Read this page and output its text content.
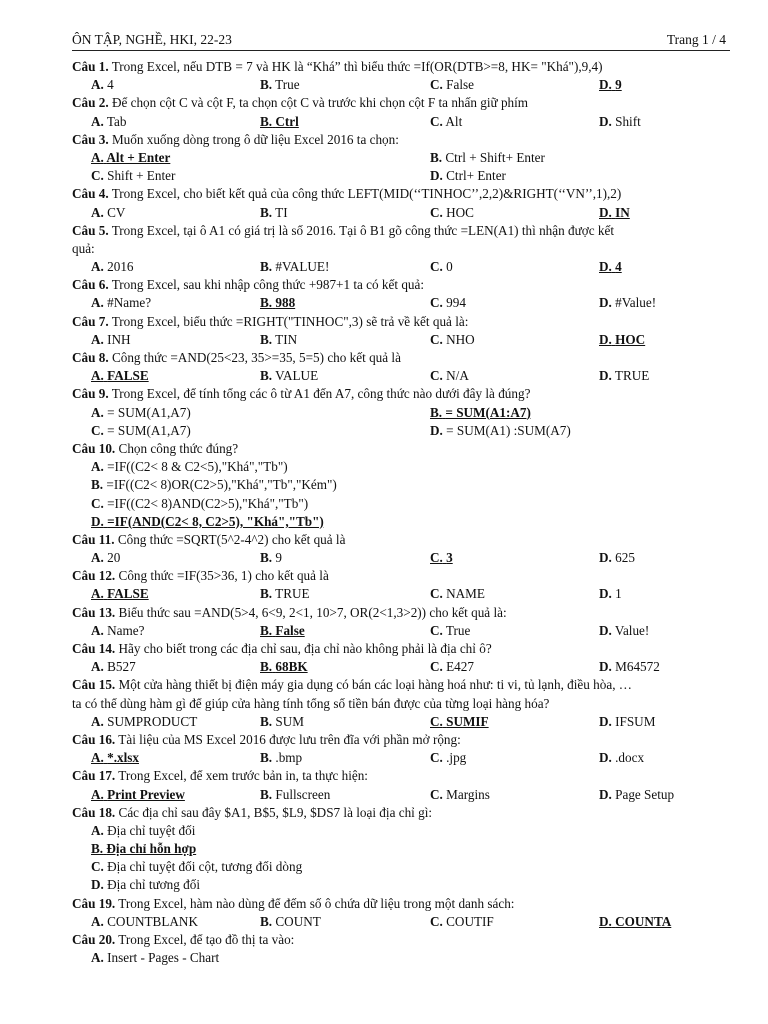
ÔN TẬP, NGHỀ, HKI, 22-23	Trang 1 / 4
Câu 1. Trong Excel, nếu DTB = 7 và HK là “Khá” thì biểu thức =If(OR(DTB>=8, HK= "Khá"),9,4)
A. 4	B. True	C. False	D. 9
Câu 2. Để chọn cột C và cột F, ta chọn cột C và trước khi chọn cột F ta nhấn giữ phím
A. Tab	B. Ctrl	C. Alt	D. Shift
Câu 3. Muốn xuống dòng trong ô dữ liệu Excel 2016 ta chọn:
A. Alt + Enter	B. Ctrl + Shift+ Enter
C. Shift + Enter	D. Ctrl+ Enter
Câu 4. Trong Excel, cho biết kết quả của công thức LEFT(MID(‘‘TINHOC’’,2,2)&RIGHT(‘‘VN’’,1),2)
A. CV	B. TI	C. HOC	D. IN
Câu 5. Trong Excel, tại ô A1 có giá trị là số 2016. Tại ô B1 gõ công thức =LEN(A1) thì nhận được kết
quả:
A. 2016	B. #VALUE!	C. 0	D. 4
Câu 6. Trong Excel, sau khi nhập công thức +987+1 ta có kết quả:
A. #Name?	B. 988	C. 994	D. #Value!
Câu 7. Trong Excel, biểu thức =RIGHT("TINHOC",3) sẽ trả về kết quả là:
A. INH	B. TIN	C. NHO	D. HOC
Câu 8. Công thức =AND(25<23, 35>=35, 5=5) cho kết quả là
A. FALSE	B. VALUE	C. N/A	D. TRUE
Câu 9. Trong Excel, để tính tổng các ô từ A1 đến A7, công thức nào dưới đây là đúng?
A. = SUM(A1,A7)	B. = SUM(A1:A7)
C. = SUM(A1,A7)	D. = SUM(A1) :SUM(A7)
Câu 10. Chọn công thức đúng?
A. =IF((C2< 8 & C2<5),"Khá","Tb")
B. =IF((C2< 8)OR(C2>5),"Khá","Tb","Kém")
C. =IF((C2< 8)AND(C2>5),"Khá","Tb")
D. =IF(AND(C2< 8, C2>5), "Khá","Tb")
Câu 11. Công thức =SQRT(5^2-4^2) cho kết quả là
A. 20	B. 9	C. 3	D. 625
Câu 12. Công thức =IF(35>36, 1) cho kết quả là
A. FALSE	B. TRUE	C. NAME	D. 1
Câu 13. Biểu thức sau =AND(5>4, 6<9, 2<1, 10>7, OR(2<1,3>2)) cho kết quả là:
A. Name?	B. False	C. True	D. Value!
Câu 14. Hãy cho biết trong các địa chỉ sau, địa chỉ nào không phải là địa chỉ ô?
A. B527	B. 68BK	C. E427	D. M64572
Câu 15. Một cửa hàng thiết bị điện máy gia dụng có bán các loại hàng hoá như: ti vi, tủ lạnh, điều hòa, …
ta có thể dùng hàm gì để giúp cửa hàng tính tổng số tiền bán được của từng loại hàng hóa?
A. SUMPRODUCT	B. SUM	C. SUMIF	D. IFSUM
Câu 16. Tài liệu của MS Excel 2016 được lưu trên đĩa với phần mở rộng:
A. *.xlsx	B. .bmp	C. .jpg	D. .docx
Câu 17. Trong Excel, để xem trước bản in, ta thực hiện:
A. Print Preview	B. Fullscreen	C. Margins	D. Page Setup
Câu 18. Các địa chỉ sau đây $A1, B$5, $L9, $DS7 là loại địa chỉ gì:
A. Địa chỉ tuyệt đối
B. Địa chỉ hỗn hợp
C. Địa chỉ tuyệt đối cột, tương đối dòng
D. Địa chỉ tương đối
Câu 19. Trong Excel, hàm nào dùng để đếm số ô chứa dữ liệu trong một danh sách:
A. COUNTBLANK	B. COUNT	C. COUTIF	D. COUNTA
Câu 20. Trong Excel, để tạo đồ thị ta vào:
A. Insert - Pages - Chart
